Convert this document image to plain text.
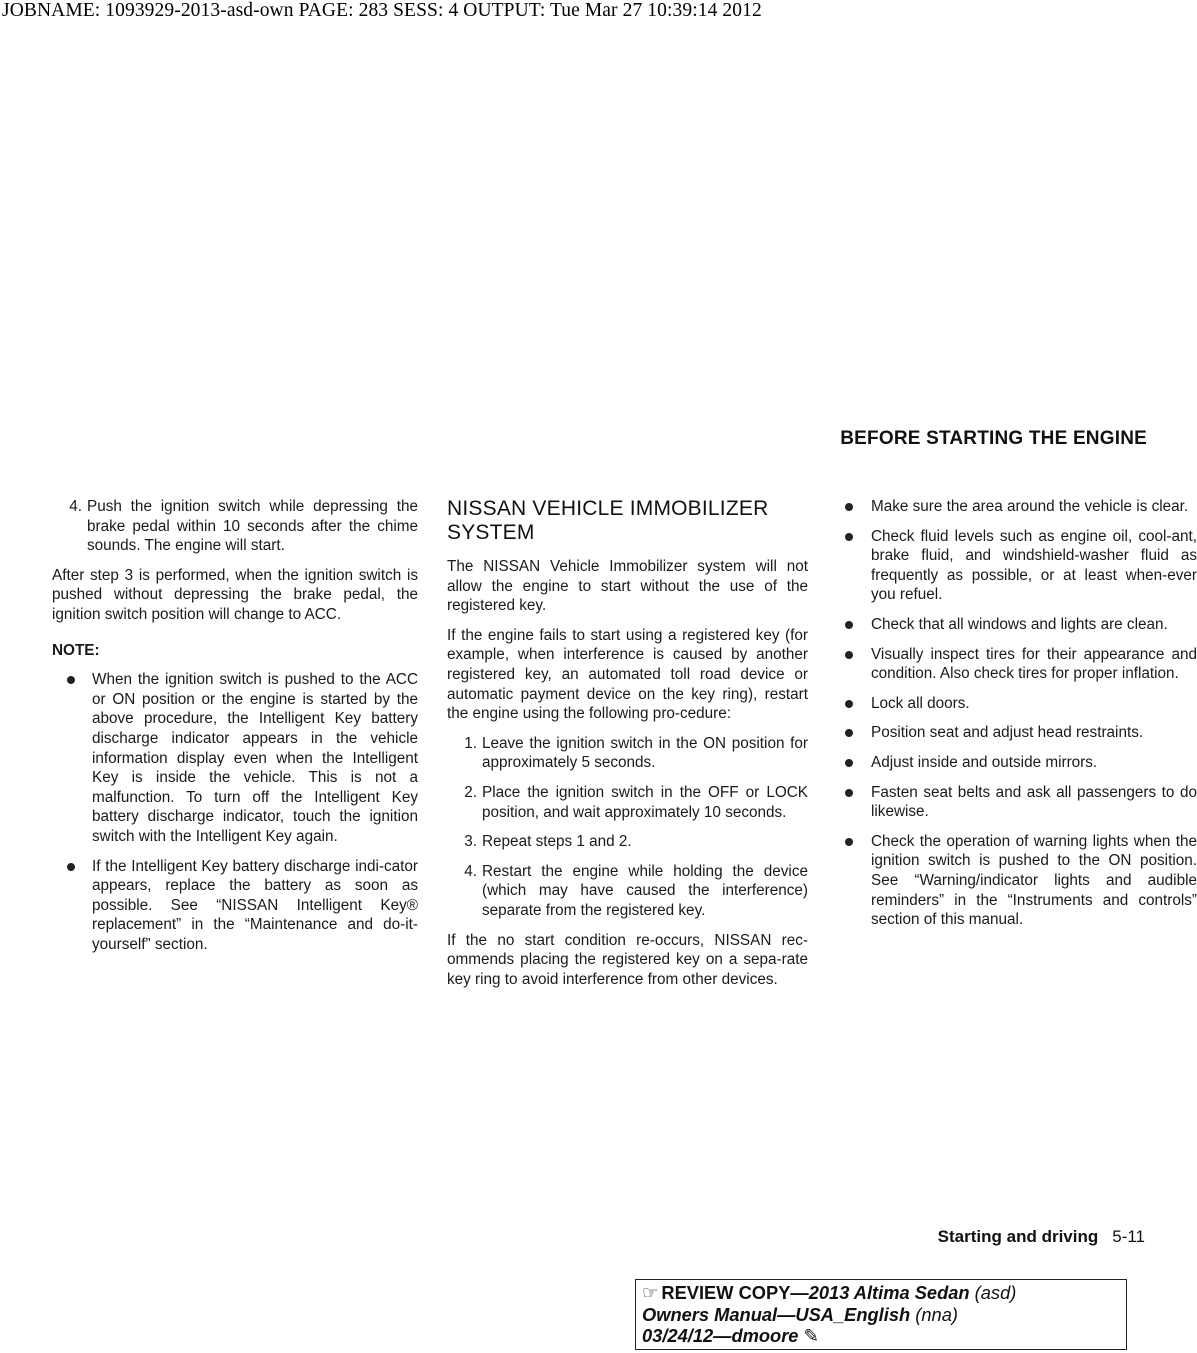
JOBNAME: 1093929-2013-asd-own PAGE: 283 SESS: 4 OUTPUT: Tue Mar 27 10:39:14 2012
BEFORE STARTING THE ENGINE
4. Push the ignition switch while depressing the brake pedal within 10 seconds after the chime sounds. The engine will start.

After step 3 is performed, when the ignition switch is pushed without depressing the brake pedal, the ignition switch position will change to ACC.

NOTE:
When the ignition switch is pushed to the ACC or ON position or the engine is started by the above procedure, the Intelligent Key battery discharge indicator appears in the vehicle information display even when the Intelligent Key is inside the vehicle. This is not a malfunction. To turn off the Intelligent Key battery discharge indicator, touch the ignition switch with the Intelligent Key again.
If the Intelligent Key battery discharge indi-cator appears, replace the battery as soon as possible. See “NISSAN Intelligent Key® replacement” in the “Maintenance and do-it-yourself” section.
NISSAN VEHICLE IMMOBILIZER SYSTEM

The NISSAN Vehicle Immobilizer system will not allow the engine to start without the use of the registered key.

If the engine fails to start using a registered key (for example, when interference is caused by another registered key, an automated toll road device or automatic payment device on the key ring), restart the engine using the following pro-cedure:

1. Leave the ignition switch in the ON position for approximately 5 seconds.
2. Place the ignition switch in the OFF or LOCK position, and wait approximately 10 seconds.
3. Repeat steps 1 and 2.
4. Restart the engine while holding the device (which may have caused the interference) separate from the registered key.

If the no start condition re-occurs, NISSAN rec-ommends placing the registered key on a sepa-rate key ring to avoid interference from other devices.

Make sure the area around the vehicle is clear.
Check fluid levels such as engine oil, cool-ant, brake fluid, and windshield-washer fluid as frequently as possible, or at least when-ever you refuel.
Check that all windows and lights are clean.
Visually inspect tires for their appearance and condition. Also check tires for proper inflation.
Lock all doors.
Position seat and adjust head restraints.
Adjust inside and outside mirrors.
Fasten seat belts and ask all passengers to do likewise.
Check the operation of warning lights when the ignition switch is pushed to the ON position. See “Warning/indicator lights and audible reminders” in the “Instruments and controls” section of this manual.
Starting and driving 5-11
☞ REVIEW COPY—2013 Altima Sedan (asd)
Owners Manual—USA_English (nna)
03/24/12—dmoore ✎
